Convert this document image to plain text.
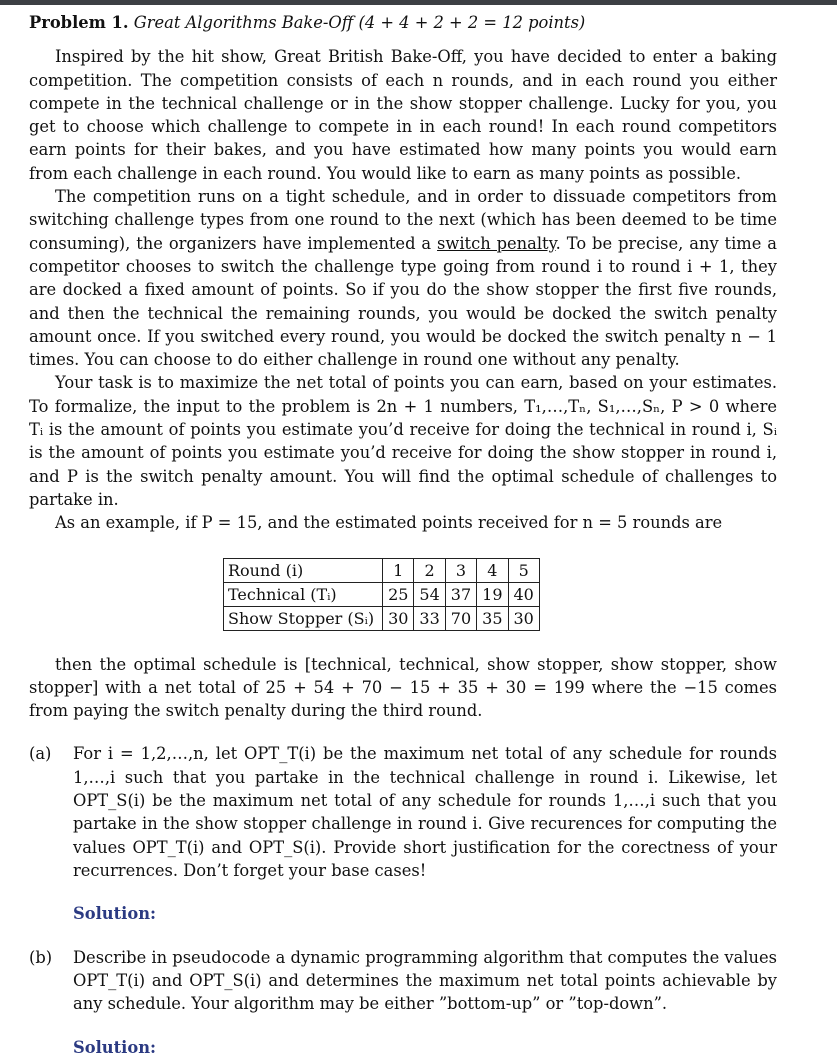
Problem 1. Great Algorithms Bake-Off (4 + 4 + 2 + 2 = 12 points)

Inspired by the hit show, Great British Bake-Off, you have decided to enter a baking competition. The competition consists of each n rounds, and in each round you either compete in the technical challenge or in the show stopper challenge. Lucky for you, you get to choose which challenge to compete in in each round! In each round competitors earn points for their bakes, and you have estimated how many points you would earn from each challenge in each round. You would like to earn as many points as possible.

The competition runs on a tight schedule, and in order to dissuade competitors from switching challenge types from one round to the next (which has been deemed to be time consuming), the organizers have implemented a switch penalty. To be precise, any time a competitor chooses to switch the challenge type going from round i to round i + 1, they are docked a fixed amount of points. So if you do the show stopper the first five rounds, and then the technical the remaining rounds, you would be docked the switch penalty amount once. If you switched every round, you would be docked the switch penalty n − 1 times. You can choose to do either challenge in round one without any penalty.

Your task is to maximize the net total of points you can earn, based on your estimates. To formalize, the input to the problem is 2n + 1 numbers, T₁,…,Tₙ, S₁,…,Sₙ, P > 0 where Tᵢ is the amount of points you estimate you’d receive for doing the technical in round i, Sᵢ is the amount of points you estimate you’d receive for doing the show stopper in round i, and P is the switch penalty amount. You will find the optimal schedule of challenges to partake in.

As an example, if P = 15, and the estimated points received for n = 5 rounds are

Round (i)	1	2	3	4	5
Technical (Tᵢ)	25	54	37	19	40
Show Stopper (Sᵢ)	30	33	70	35	30

then the optimal schedule is [technical, technical, show stopper, show stopper, show stopper] with a net total of 25 + 54 + 70 − 15 + 35 + 30 = 199 where the −15 comes from paying the switch penalty during the third round.

(a)	For i = 1,2,…,n, let OPT_T(i) be the maximum net total of any schedule for rounds 1,…,i such that you partake in the technical challenge in round i. Likewise, let OPT_S(i) be the maximum net total of any schedule for rounds 1,…,i such that you partake in the show stopper challenge in round i. Give recurences for computing the values OPT_T(i) and OPT_S(i). Provide short justification for the corectness of your recurrences. Don’t forget your base cases!
Solution:
(b)	Describe in pseudocode a dynamic programming algorithm that computes the values OPT_T(i) and OPT_S(i) and determines the maximum net total points achievable by any schedule. Your algorithm may be either ”bottom-up” or ”top-down”.
Solution:
